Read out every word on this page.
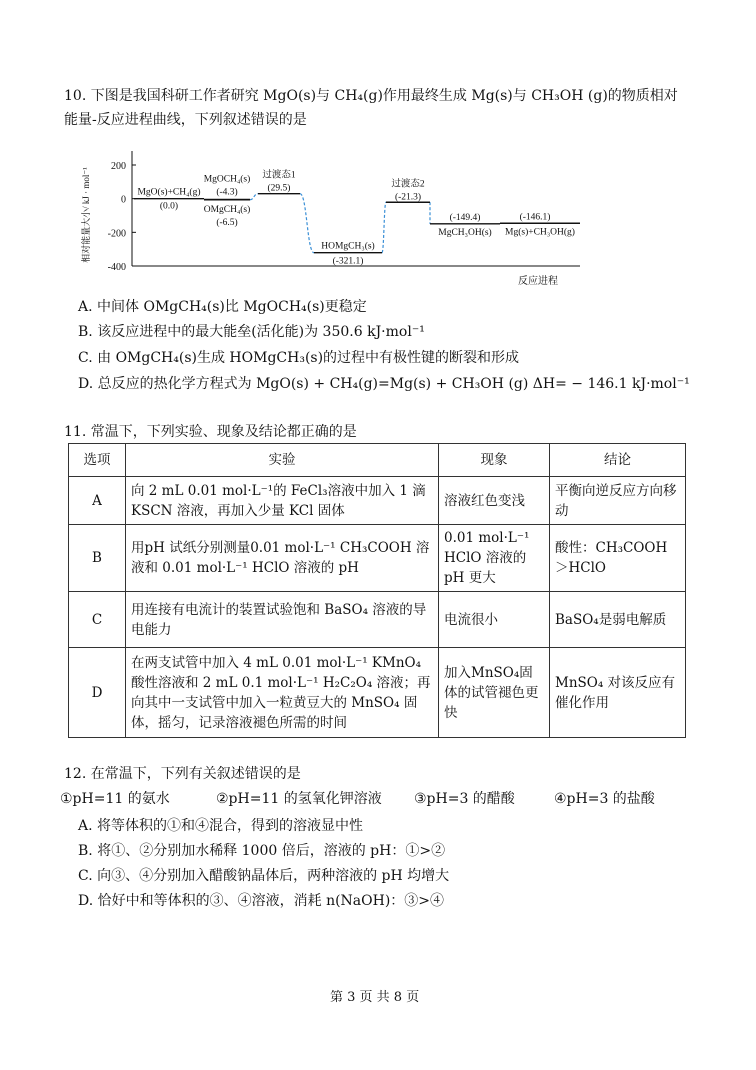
10. 下图是我国科研工作者研究 MgO(s)与 CH₄(g)作用最终生成 Mg(s)与 CH₃OH (g)的物质相对
能量-反应进程曲线，下列叙述错误的是
200
0
-200
-400
相对能量大小/ kJ · mol⁻¹
反应进程
MgO(s)+CH₄(g)
(0.0)
MgOCH₄(s)
(-4.3)
OMgCH₄(s)
(-6.5)
过渡态1
(29.5)
HOMgCH₃(s)
(-321.1)
过渡态2
(-21.3)
MgCH₃OH(s)
(-149.4)
Mg(s)+CH₃OH(g)
(-146.1)
A. 中间体 OMgCH₄(s)比 MgOCH₄(s)更稳定
B. 该反应进程中的最大能垒(活化能)为 350.6 kJ·mol⁻¹
C. 由 OMgCH₄(s)生成 HOMgCH₃(s)的过程中有极性键的断裂和形成
D. 总反应的热化学方程式为 MgO(s) + CH₄(g)=Mg(s) + CH₃OH (g) ΔH= − 146.1 kJ·mol⁻¹
11. 常温下，下列实验、现象及结论都正确的是
选项	实验	现象	结论
A	向 2 mL 0.01 mol·L⁻¹的 FeCl₃溶液中加入 1 滴 KSCN 溶液，再加入少量 KCl 固体	溶液红色变浅	平衡向逆反应方向移动
B	用pH 试纸分别测量0.01 mol·L⁻¹ CH₃COOH 溶液和 0.01 mol·L⁻¹ HClO 溶液的 pH	0.01 mol·L⁻¹ HClO 溶液的 pH 更大	酸性：CH₃COOH ＞HClO
C	用连接有电流计的装置试验饱和 BaSO₄ 溶液的导电能力	电流很小	BaSO₄是弱电解质
D	在两支试管中加入 4 mL 0.01 mol·L⁻¹ KMnO₄ 酸性溶液和 2 mL 0.1 mol·L⁻¹ H₂C₂O₄ 溶液；再向其中一支试管中加入一粒黄豆大的 MnSO₄ 固体，摇匀，记录溶液褪色所需的时间	加入MnSO₄固体的试管褪色更快	MnSO₄ 对该反应有催化作用
12. 在常温下，下列有关叙述错误的是
①pH=11 的氨水	②pH=11 的氢氧化钾溶液 ③pH=3 的醋酸	④pH=3 的盐酸
A. 将等体积的①和④混合，得到的溶液显中性
B. 将①、②分别加水稀释 1000 倍后，溶液的 pH：①>②
C. 向③、④分别加入醋酸钠晶体后，两种溶液的 pH 均增大
D. 恰好中和等体积的③、④溶液，消耗 n(NaOH)：③>④
第 3 页 共 8 页
